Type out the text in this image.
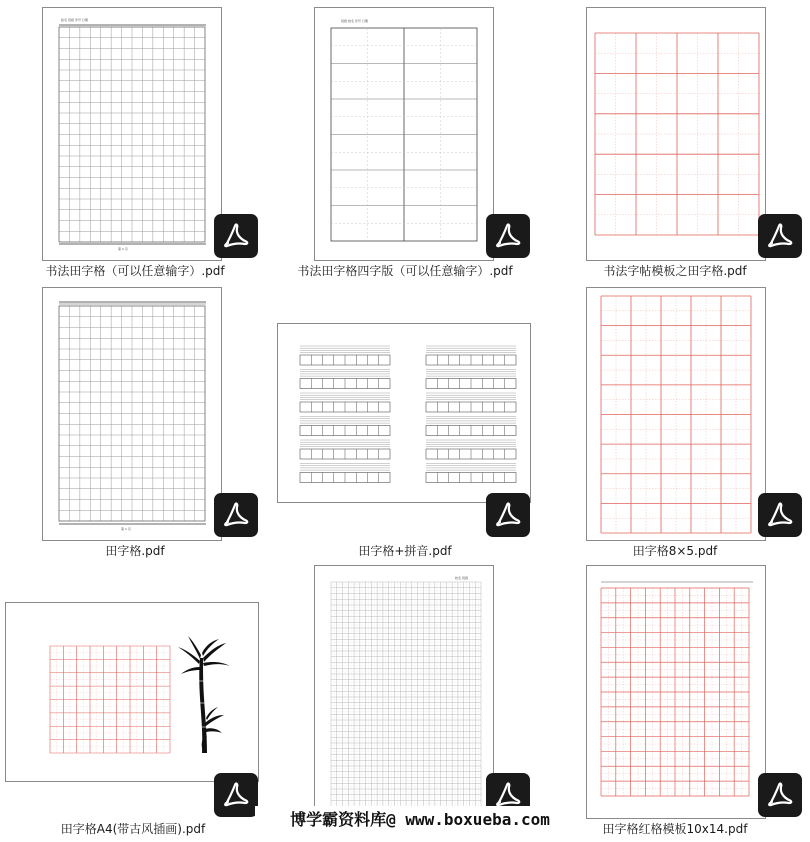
姓名 班级 学号 日期
第 1 页
书法田字格（可以任意输字）.pdf
班级 姓名 学号 日期
书法田字格四字版（可以任意输字）.pdf	书法字帖模板之田字格.pdf
第 1 页
田字格.pdf	田字格+拼音.pdf	田字格8×5.pdf
田字格A4(带古风插画).pdf
姓名 班级
田字格红格模板10x14.pdf
博学霸资料库@ www.boxueba.com
